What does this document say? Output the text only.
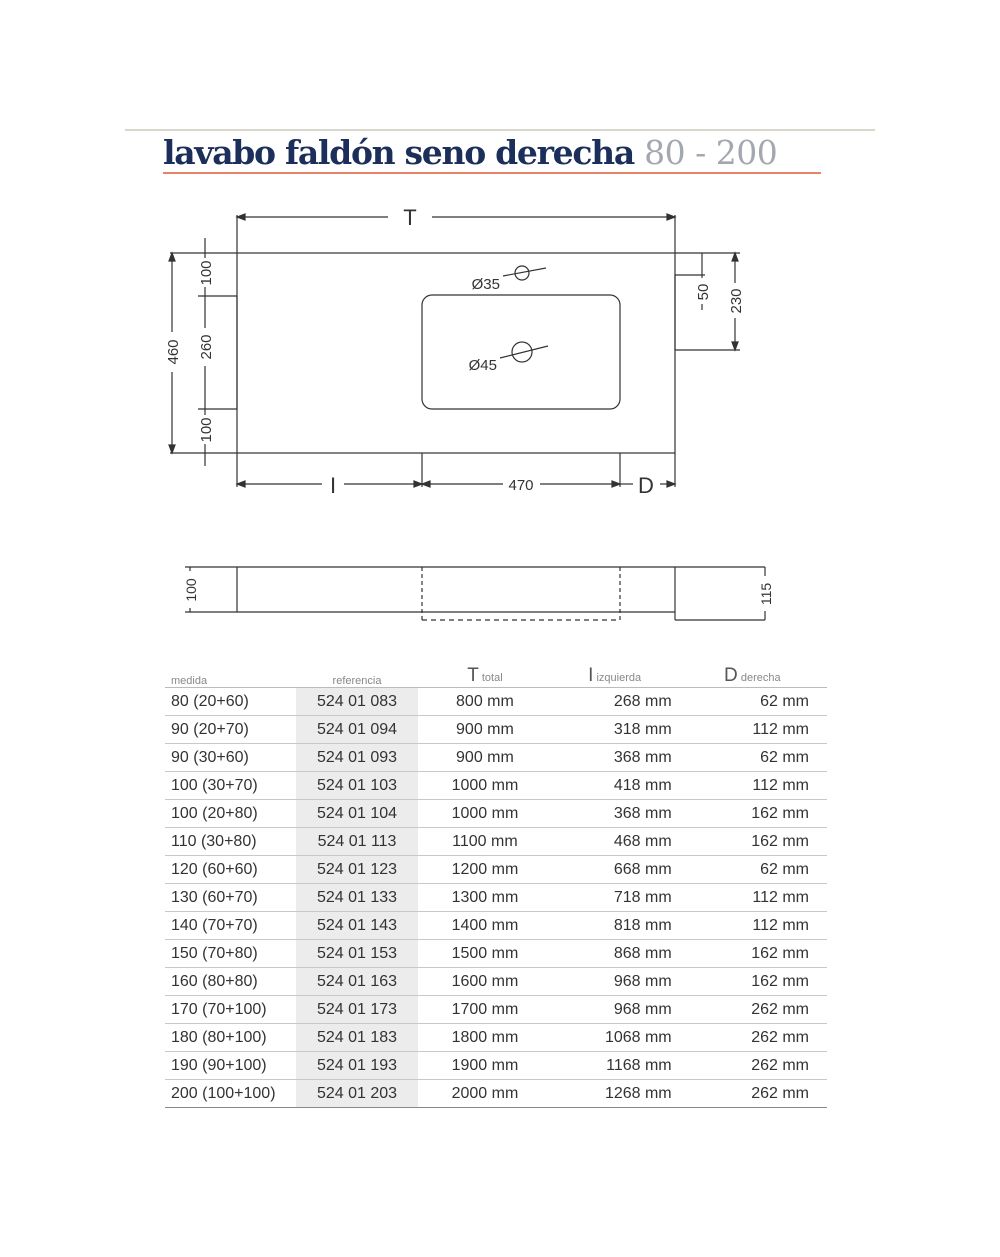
lavabo faldón seno derecha 80 - 200
T
I	D
470
Ø35
Ø45
460
100
260
100
50 230
100	115
medida	referencia	T total	I izquierda	D derecha
80 (20+60)	524 01 083	800 mm	268 mm	62 mm
90 (20+70)	524 01 094	900 mm	318 mm	112 mm
90 (30+60)	524 01 093	900 mm	368 mm	62 mm
100 (30+70)	524 01 103	1000 mm	418 mm	112 mm
100 (20+80)	524 01 104	1000 mm	368 mm	162 mm
110 (30+80)	524 01 113	1100 mm	468 mm	162 mm
120 (60+60)	524 01 123	1200 mm	668 mm	62 mm
130 (60+70)	524 01 133	1300 mm	718 mm	112 mm
140 (70+70)	524 01 143	1400 mm	818 mm	112 mm
150 (70+80)	524 01 153	1500 mm	868 mm	162 mm
160 (80+80)	524 01 163	1600 mm	968 mm	162 mm
170 (70+100)	524 01 173	1700 mm	968 mm	262 mm
180 (80+100)	524 01 183	1800 mm	1068 mm	262 mm
190 (90+100)	524 01 193	1900 mm	1168 mm	262 mm
200 (100+100)	524 01 203	2000 mm	1268 mm	262 mm
